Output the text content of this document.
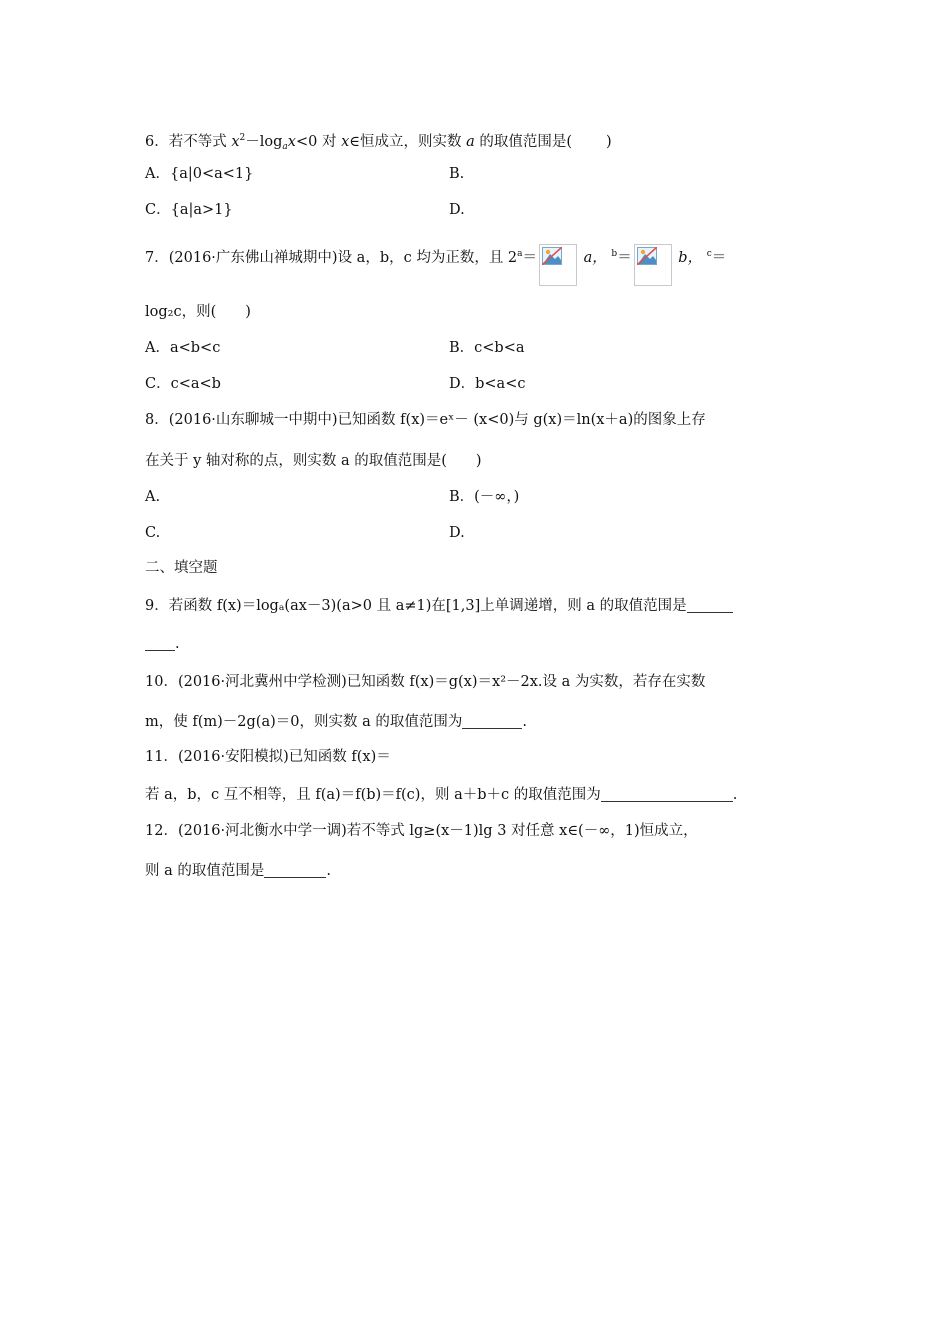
6．若不等式 $x^2-\log_ax<0$ 对 x∈恒成立，则实数 a 的取值范围是( )
A．{a|0<a<1}	B.
C．{a|a>1}	D.
7．(2016·广东佛山禅城期中)设 a，b，c 均为正数，且 $2^a=$	a， $^b$＝	b， $^c$＝
log₂c，则(　　)
A．a<b<c	B．c<b<a
C．c<a<b	D．b<a<c
8．(2016·山东聊城一中期中)已知函数 f(x)＝eˣ－ (x<0)与 g(x)＝ln(x＋a)的图象上存
在关于 y 轴对称的点，则实数 a 的取值范围是(　　)
A.	B．(－∞，)
C.	D.
二、填空题
9．若函数 f(x)＝logₐ(ax－3)(a>0 且 a≠1)在[1,3]上单调递增，则 a 的取值范围是
.
10．(2016·河北冀州中学检测)已知函数 f(x)＝g(x)＝x²－2x.设 a 为实数，若存在实数
m，使 f(m)－2g(a)＝0，则实数 a 的取值范围为	.
11．(2016·安阳模拟)已知函数 f(x)＝
若 a，b，c 互不相等，且 f(a)＝f(b)＝f(c)，则 a＋b＋c 的取值范围为	.
12．(2016·河北衡水中学一调)若不等式 lg≥(x－1)lg 3 对任意 x∈(－∞，1)恒成立，
则 a 的取值范围是	.
